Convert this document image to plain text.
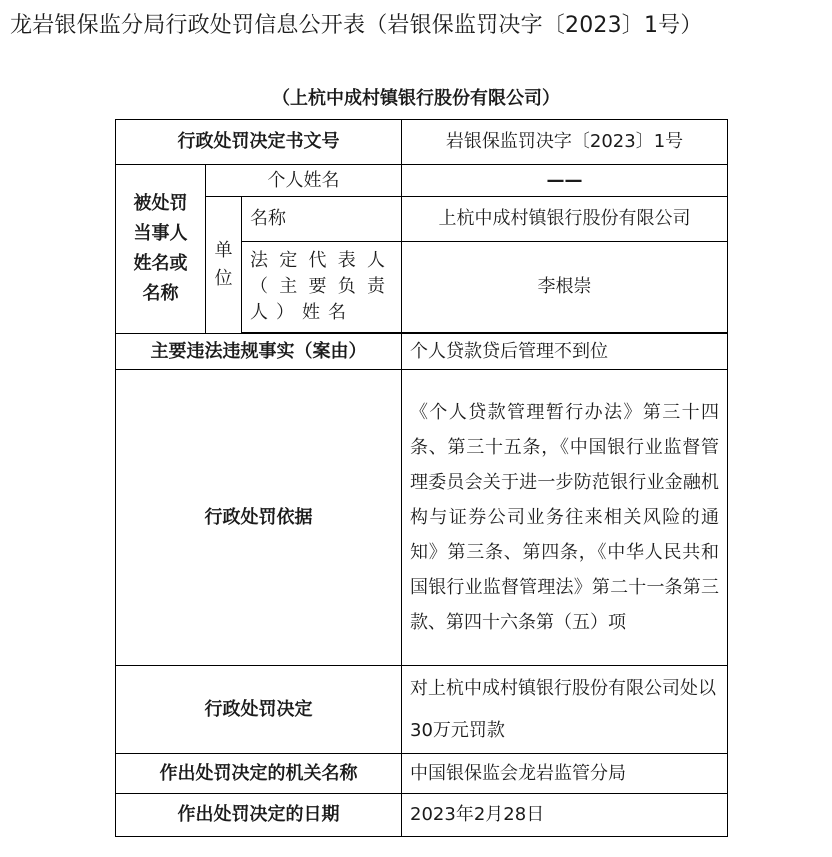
龙岩银保监分局行政处罚信息公开表（岩银保监罚决字〔2023〕1号）
（上杭中成村镇银行股份有限公司）
行政处罚决定书文号			岩银保监罚决字〔2023〕1号
被处罚当事人姓名或名称	个人姓名		——
	单位	名称	上杭中成村镇银行股份有限公司
		法定代表人（主要负责人）姓名	李根崇

主要违法违规事实（案由）			个人贷款贷后管理不到位
行政处罚依据			《个人贷款管理暂行办法》第三十四条、第三十五条，《中国银行业监督管理委员会关于进一步防范银行业金融机构与证券公司业务往来相关风险的通知》第三条、第四条，《中华人民共和国银行业监督管理法》第二十一条第三款、第四十六条第（五）项
行政处罚决定			对上杭中成村镇银行股份有限公司处以30万元罚款
作出处罚决定的机关名称			中国银保监会龙岩监管分局
作出处罚决定的日期			2023年2月28日
